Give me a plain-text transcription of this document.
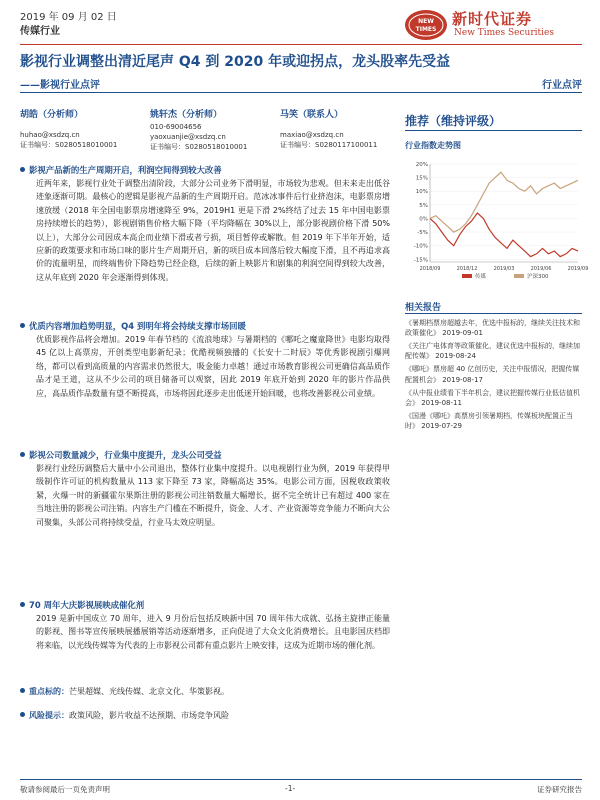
2019 年 09 月 02 日
传媒行业
NEW
TIMES
新时代证券
New Times Securities
影视行业调整出清近尾声 Q4 到 2020 年或迎拐点，龙头股率先受益
——影视行业点评	行业点评
胡皓（分析师）
huhao@xsdzq.cn
证书编号：S0280518010001
姚轩杰（分析师）
010-69004656
yaoxuanjie@xsdzq.cn
证书编号：S0280518010001
马笑（联系人）
maxiao@xsdzq.cn
证书编号：S0280117100011
推荐（维持评级）
行业指数走势图
20%
15%
10%
5%
0%
-5%
-10%
-15%
2018/09	2018/12	2019/03	2019/06	2019/09
传媒	沪深300
相关报告
《暑期档票房超越去年，优选中报标的，继续关注技术和政策催化》 2019-09-01
《关注广电体育等政策催化，建议优选中报标的，继续加配传媒》 2019-08-24
《哪吒》票房超 40 亿创历史，关注中报情况，把握传媒配置机会》 2019-08-17
《从中报业绩看下半年机会，建议把握传媒行业低估值机会》 2019-08-11
《国漫《哪吒》高票房引领暑期档，传媒板块配置正当时》 2019-07-29
影视产品新的生产周期开启，利润空间得到较大改善
近两年来，影视行业处于调整出清阶段，大部分公司业务下滑明显，市场较为悲观。但未来走出低谷迹象逐渐可期。最核心的逻辑是影视产品新的生产周期开启。范冰冰事件后行业挤泡沫，电影票房增速放缓（2018 年全国电影票房增速降至 9%，2019H1 更是下滑 2%终结了过去 15 年中国电影票房持续增长的趋势），影视剧销售价格大幅下降（平均降幅在 30%以上，部分影视剧价格下滑 50%以上），大部分公司因成本高企而业绩下滑或者亏损，项目暂停或解散。但 2019 年下半年开始，适应新的政策要求和市场口味的影片生产周期开启，新的项目成本回落后较大幅度下滑，且不再追求高价的流量明星，而终端售价下降趋势已经企稳，后续的新上映影片和剧集的利润空间得到较大改善，这从年底到 2020 年会逐渐得到体现。
优质内容增加趋势明显，Q4 到明年将会持续支撑市场回暖
优质影视作品将会增加。2019 年春节档的《流浪地球》与暑期档的《哪吒之魔童降世》电影均取得 45 亿以上高票房，开创类型电影新纪录；优酷视频独播的《长安十二时辰》等优秀影视剧引爆网络，都可以看到高质量的内容需求仍然很大，吸金能力卓越！通过市场教育影视公司更确信高品质作品才是王道，这从不少公司的项目储备可以观察，因此 2019 年底开始到 2020 年的影片作品供应，高品质作品数量有望不断提高，市场将因此逐步走出低迷开始回暖，也将改善影视公司业绩。
影视公司数量减少，行业集中度提升，龙头公司受益
影视行业经历调整后大量中小公司退出，整体行业集中度提升。以电视剧行业为例，2019 年获得甲级制作许可证的机构数量从 113 家下降至 73 家，降幅高达 35%。电影公司方面，因税收政策收紧，火爆一时的新疆霍尔果斯注册的影视公司注销数量大幅增长，据不完全统计已有超过 400 家在当地注册的影视公司注销。内容生产门槛在不断提升，资金、人才、产业资源等竞争能力不断向大公司聚集，头部公司将持续受益，行业马太效应明显。
70 周年大庆影视展映成催化剂
2019 是新中国成立 70 周年，进入 9 月份后包括反映新中国 70 周年伟大成就、弘扬主旋律正能量的影视、图书等宣传展映展播展销等活动逐渐增多，正向促进了大众文化消费增长。且电影国庆档即将来临，以光线传媒等为代表的上市影视公司都有重点影片上映安排，这成为近期市场的催化剂。
重点标的：芒果超媒、光线传媒、北京文化、华策影视。
风险提示：政策风险，影片收益不达预期、市场竞争风险
敬请参阅最后一页免责声明	-1-	证券研究报告
